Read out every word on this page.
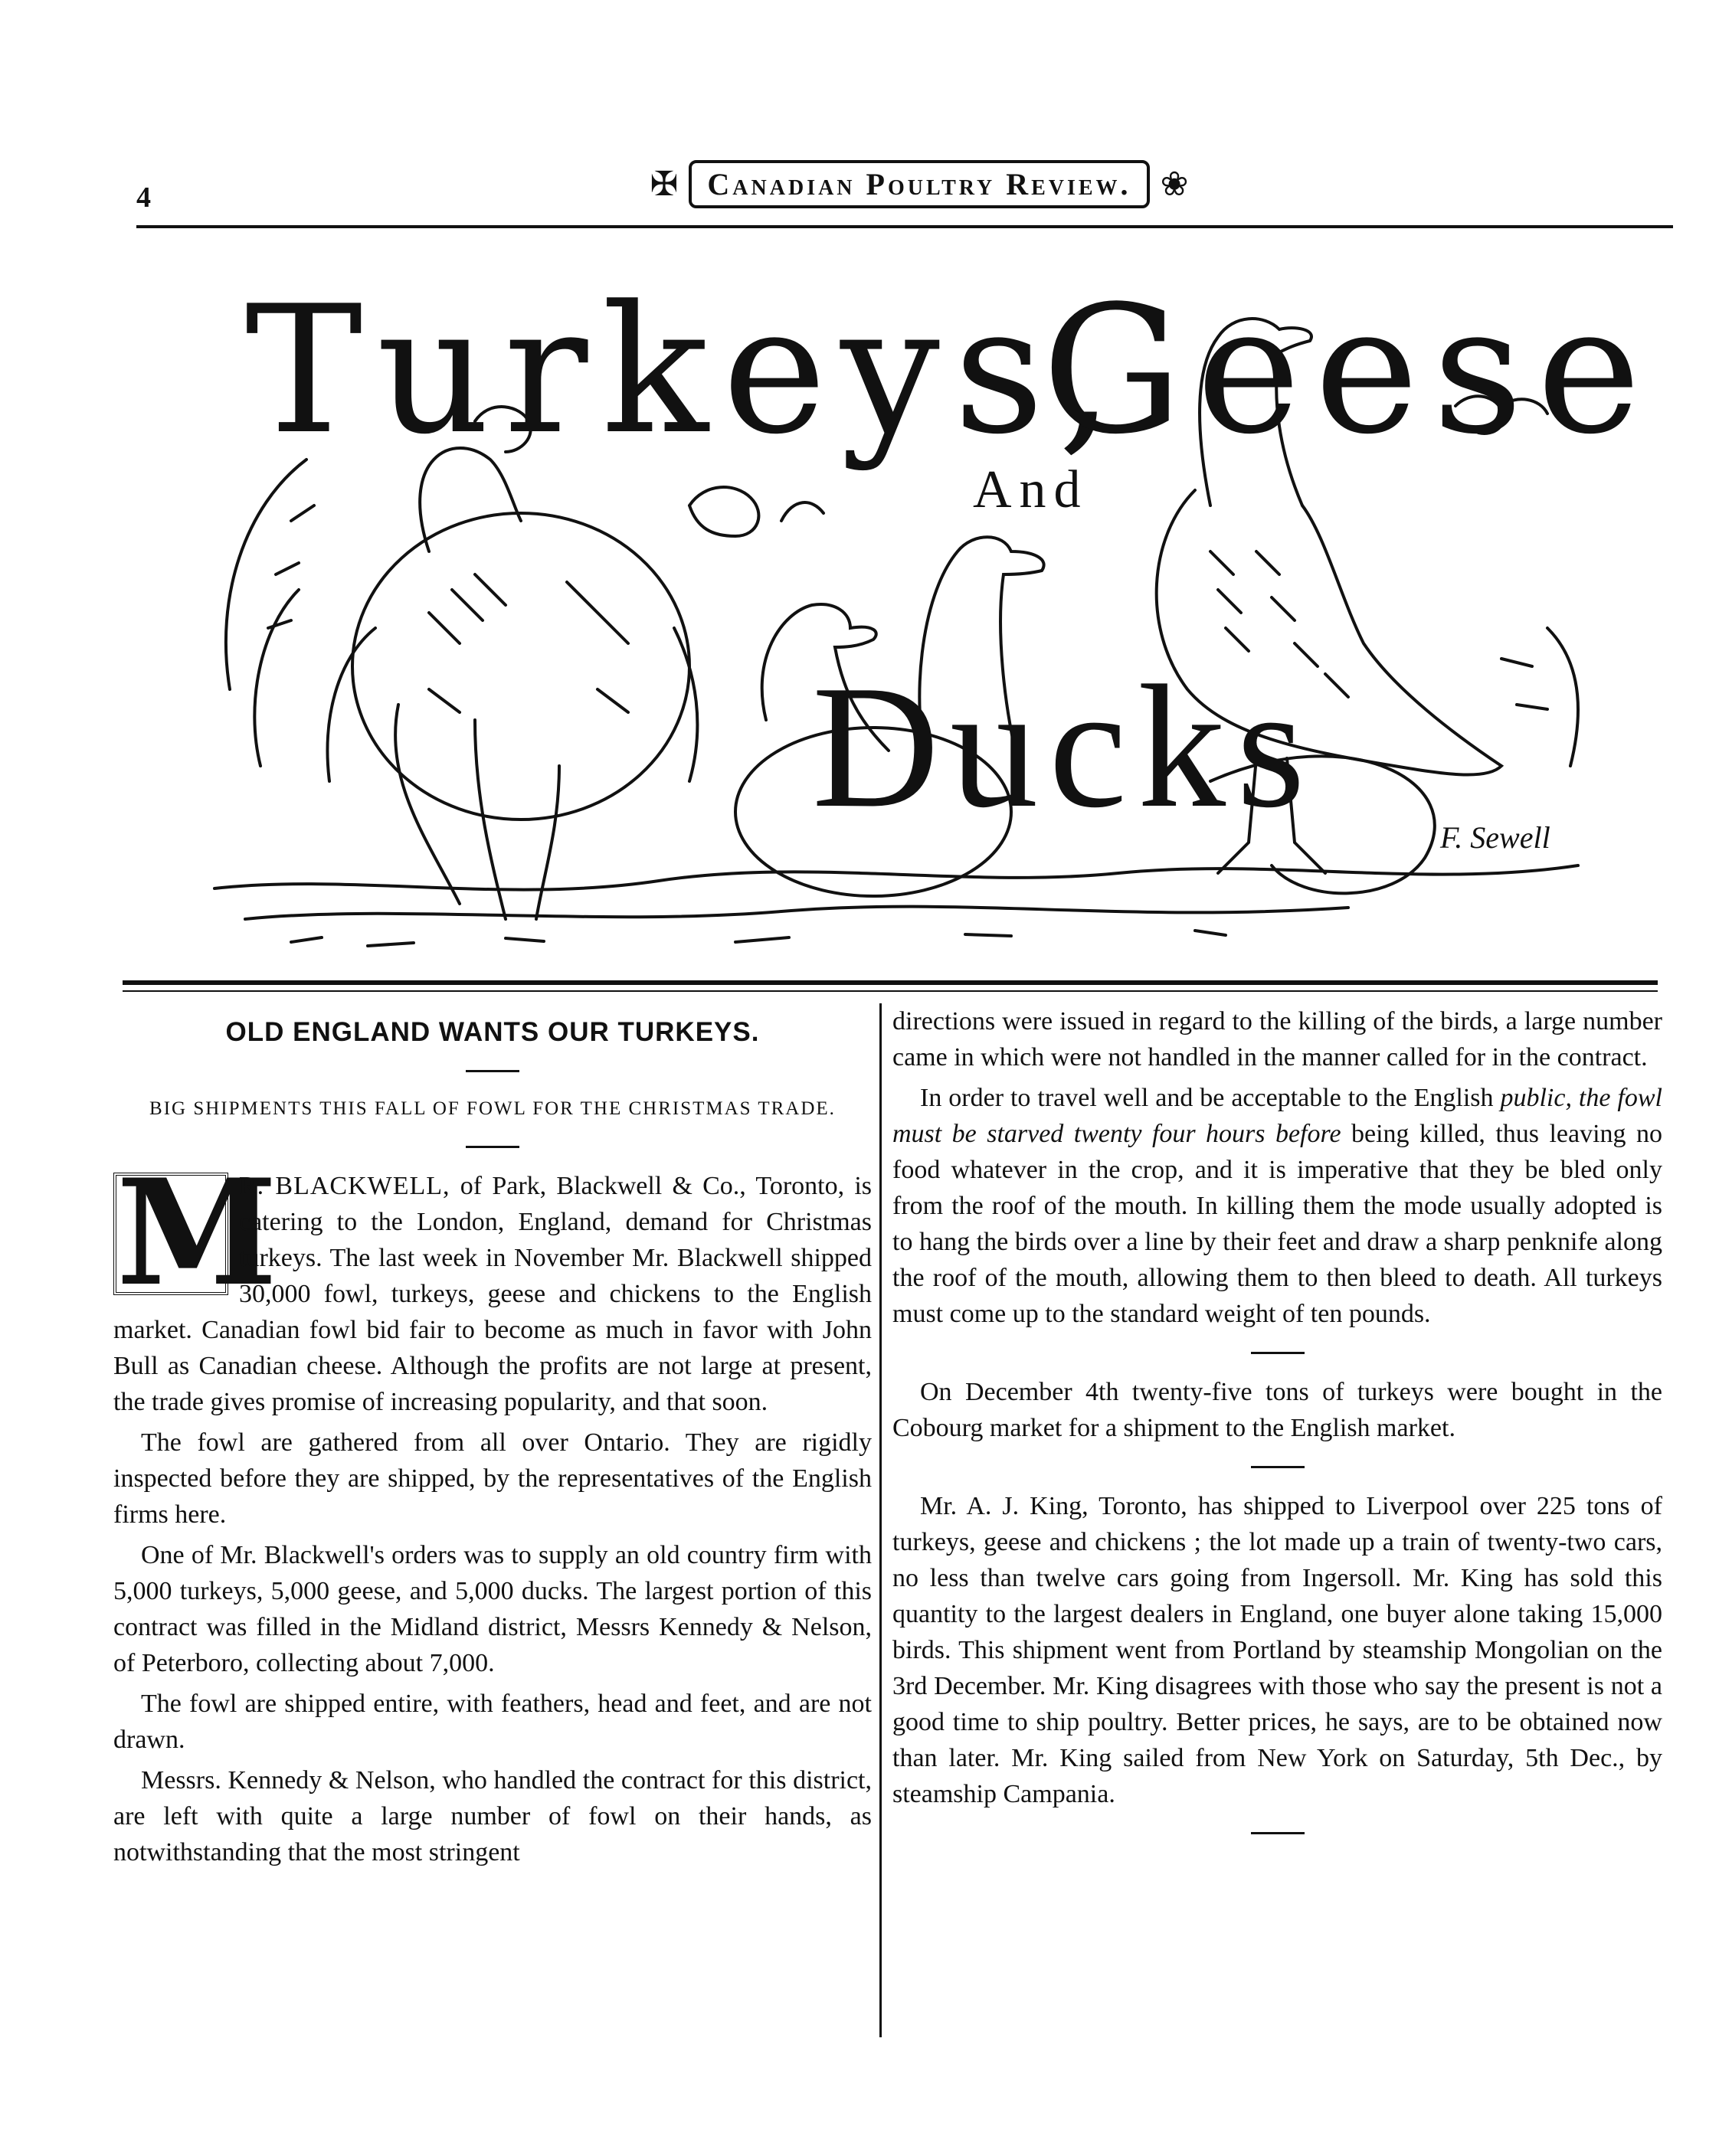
4	✠ Canadian Poultry Review. ❀
Turkeys,
Geese
And
Ducks	F. Sewell
OLD ENGLAND WANTS OUR TURKEYS.
BIG SHIPMENTS THIS FALL OF FOWL FOR THE CHRISTMAS TRADE.

M
R. BLACKWELL, of Park, Blackwell & Co., Toronto, is catering to the London, England, demand for Christmas turkeys. The last week in November Mr. Blackwell shipped 30,000 fowl, turkeys, geese and chickens to the English market. Canadian fowl bid fair to become as much in favor with John Bull as Canadian cheese. Although the profits are not large at present, the trade gives promise of increasing popularity, and that soon.

The fowl are gathered from all over Ontario. They are rigidly inspected before they are shipped, by the representatives of the English firms here.

One of Mr. Blackwell's orders was to supply an old country firm with 5,000 turkeys, 5,000 geese, and 5,000 ducks. The largest portion of this contract was filled in the Midland district, Messrs Kennedy & Nelson, of Peterboro, collecting about 7,000.

The fowl are shipped entire, with feathers, head and feet, and are not drawn.

Messrs. Kennedy & Nelson, who handled the contract for this district, are left with quite a large number of fowl on their hands, as notwithstanding that the most stringent

directions were issued in regard to the killing of the birds, a large number came in which were not handled in the manner called for in the contract.

In order to travel well and be acceptable to the English public, the fowl must be starved twenty four hours before being killed, thus leaving no food whatever in the crop, and it is imperative that they be bled only from the roof of the mouth. In killing them the mode usually adopted is to hang the birds over a line by their feet and draw a sharp penknife along the roof of the mouth, allowing them to then bleed to death. All turkeys must come up to the standard weight of ten pounds.

On December 4th twenty-five tons of turkeys were bought in the Cobourg market for a shipment to the English market.

Mr. A. J. King, Toronto, has shipped to Liverpool over 225 tons of turkeys, geese and chickens ; the lot made up a train of twenty-two cars, no less than twelve cars going from Ingersoll. Mr. King has sold this quantity to the largest dealers in England, one buyer alone taking 15,000 birds. This shipment went from Portland by steamship Mongolian on the 3rd December. Mr. King disagrees with those who say the present is not a good time to ship poultry. Better prices, he says, are to be obtained now than later. Mr. King sailed from New York on Saturday, 5th Dec., by steamship Campania.
